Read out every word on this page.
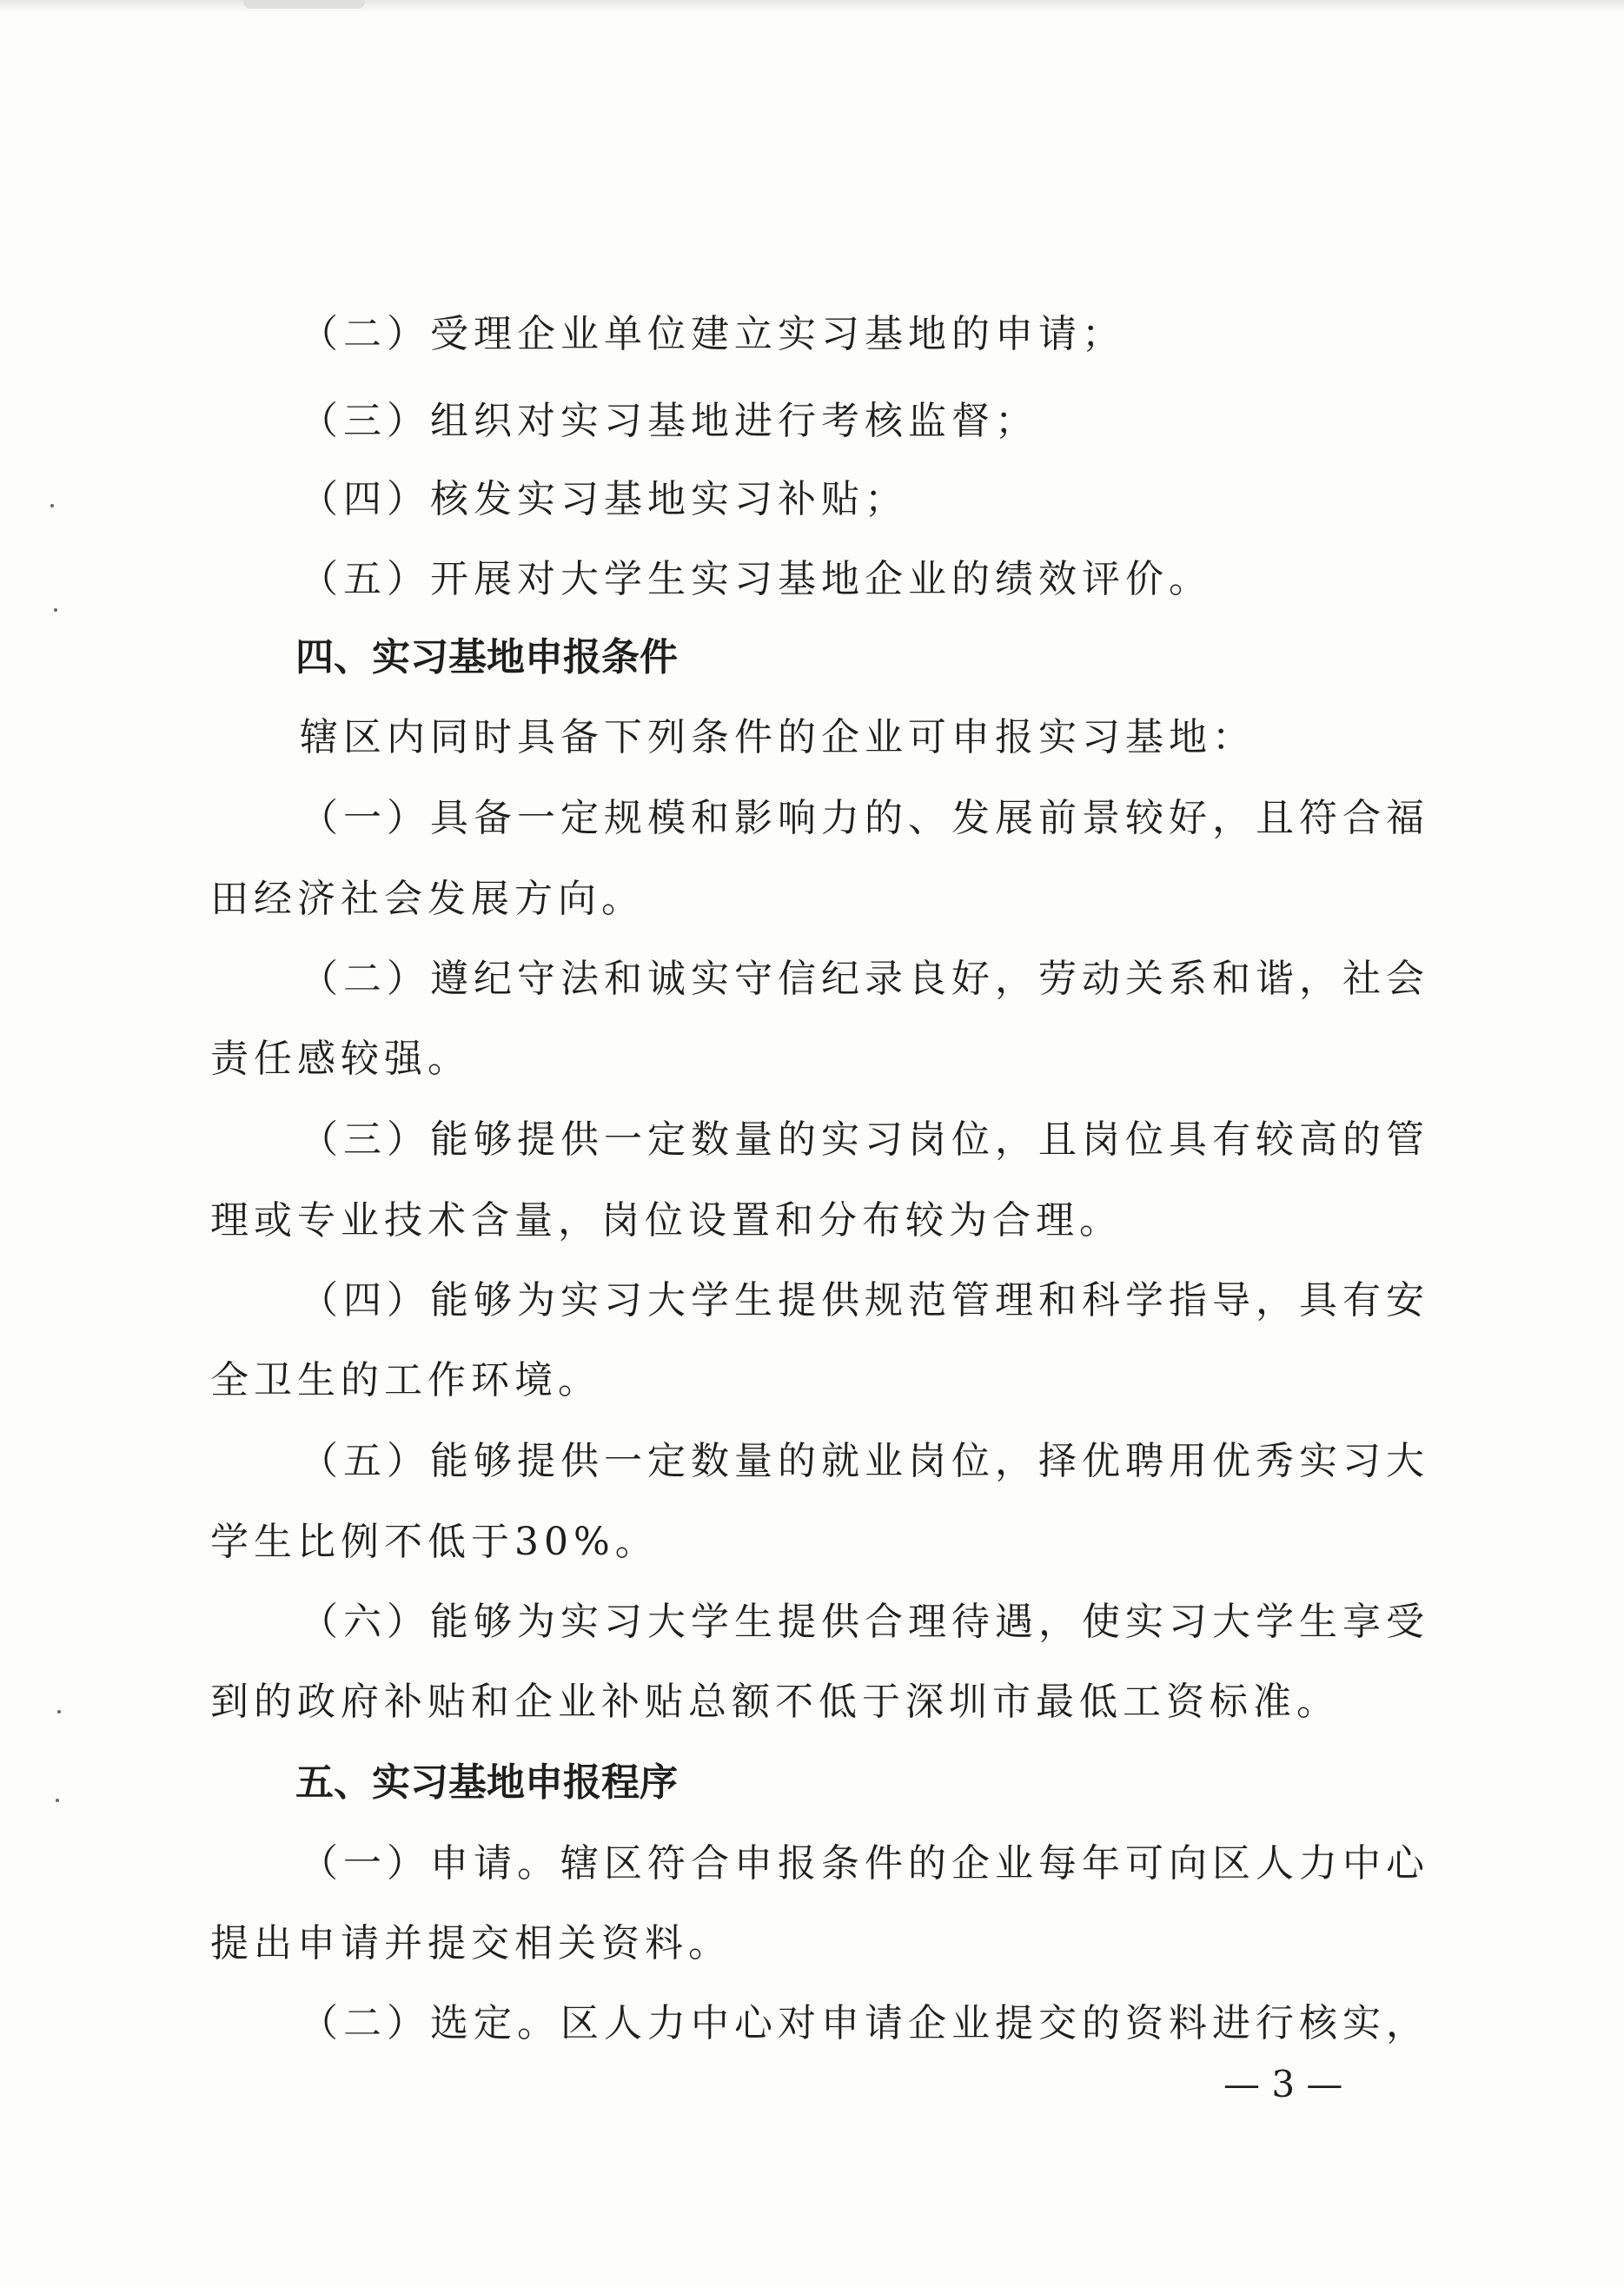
（二）受理企业单位建立实习基地的申请；
（三）组织对实习基地进行考核监督；
（四）核发实习基地实习补贴；
（五）开展对大学生实习基地企业的绩效评价。
四、实习基地申报条件
辖区内同时具备下列条件的企业可申报实习基地：
（一）具备一定规模和影响力的、发展前景较好，且符合福
田经济社会发展方向。
（二）遵纪守法和诚实守信纪录良好，劳动关系和谐，社会
责任感较强。
（三）能够提供一定数量的实习岗位，且岗位具有较高的管
理或专业技术含量，岗位设置和分布较为合理。
（四）能够为实习大学生提供规范管理和科学指导，具有安
全卫生的工作环境。
（五）能够提供一定数量的就业岗位，择优聘用优秀实习大
学生比例不低于30%。
（六）能够为实习大学生提供合理待遇，使实习大学生享受
到的政府补贴和企业补贴总额不低于深圳市最低工资标准。
五、实习基地申报程序
（一）申请。辖区符合申报条件的企业每年可向区人力中心
提出申请并提交相关资料。
（二）选定。区人力中心对申请企业提交的资料进行核实，
— 3 —
